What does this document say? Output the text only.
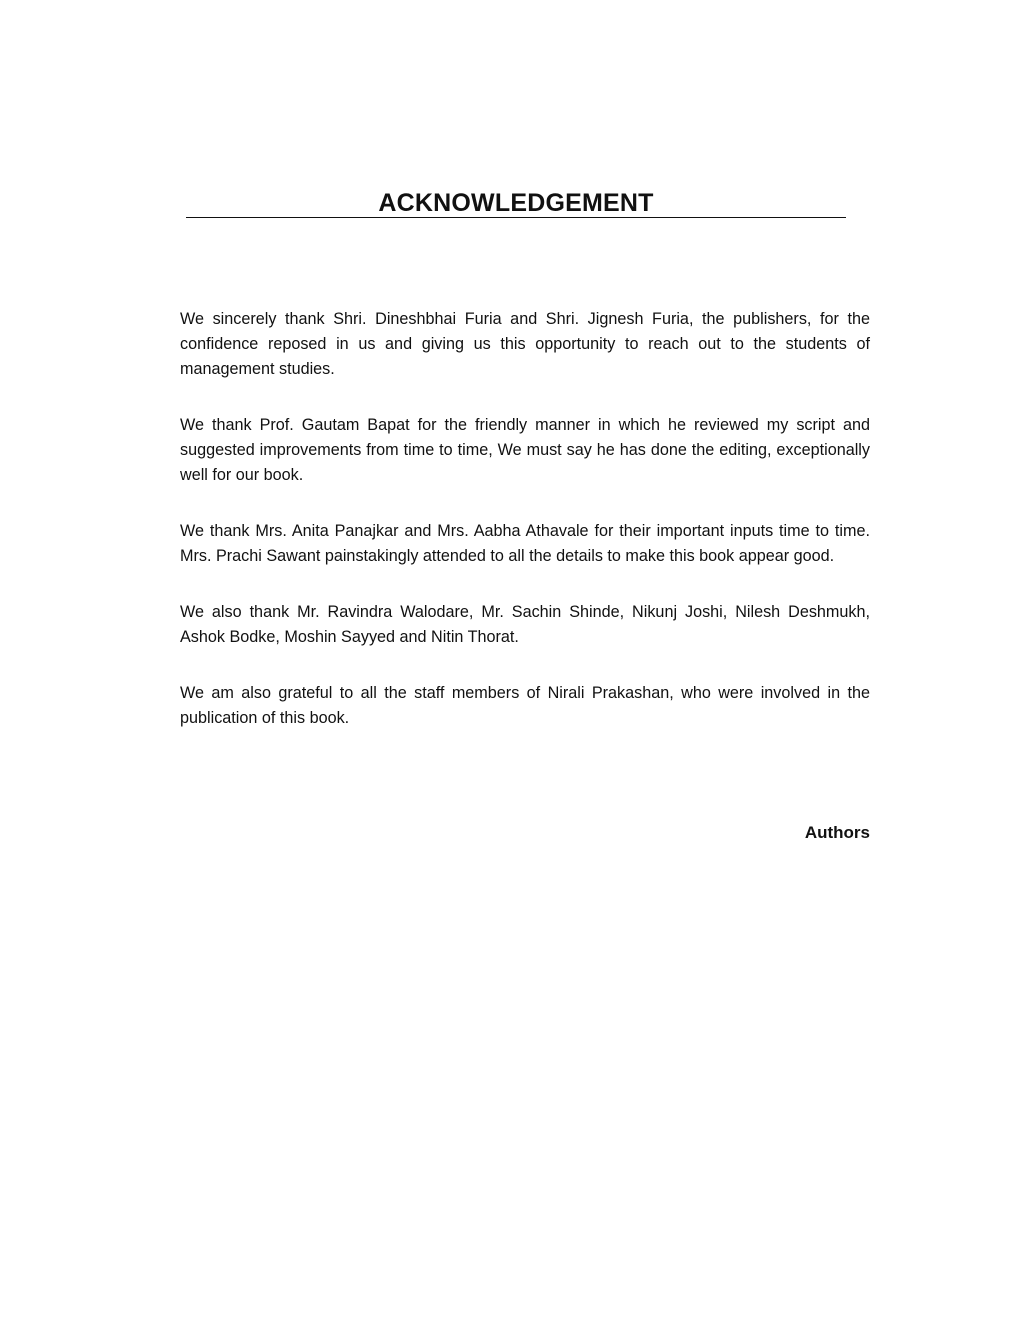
ACKNOWLEDGEMENT

We sincerely thank Shri. Dineshbhai Furia and Shri. Jignesh Furia, the publishers, for the confidence reposed in us and giving us this opportunity to reach out to the students of management studies.

We thank Prof. Gautam Bapat for the friendly manner in which he reviewed my script and suggested improvements from time to time, We must say he has done the editing, exceptionally well for our book.

We thank Mrs. Anita Panajkar and Mrs. Aabha Athavale for their important inputs time to time. Mrs. Prachi Sawant painstakingly attended to all the details to make this book appear good.

We also thank Mr. Ravindra Walodare, Mr. Sachin Shinde, Nikunj Joshi, Nilesh Deshmukh, Ashok Bodke, Moshin Sayyed and Nitin Thorat.

We am also grateful to all the staff members of Nirali Prakashan, who were involved in the publication of this book.

Authors
